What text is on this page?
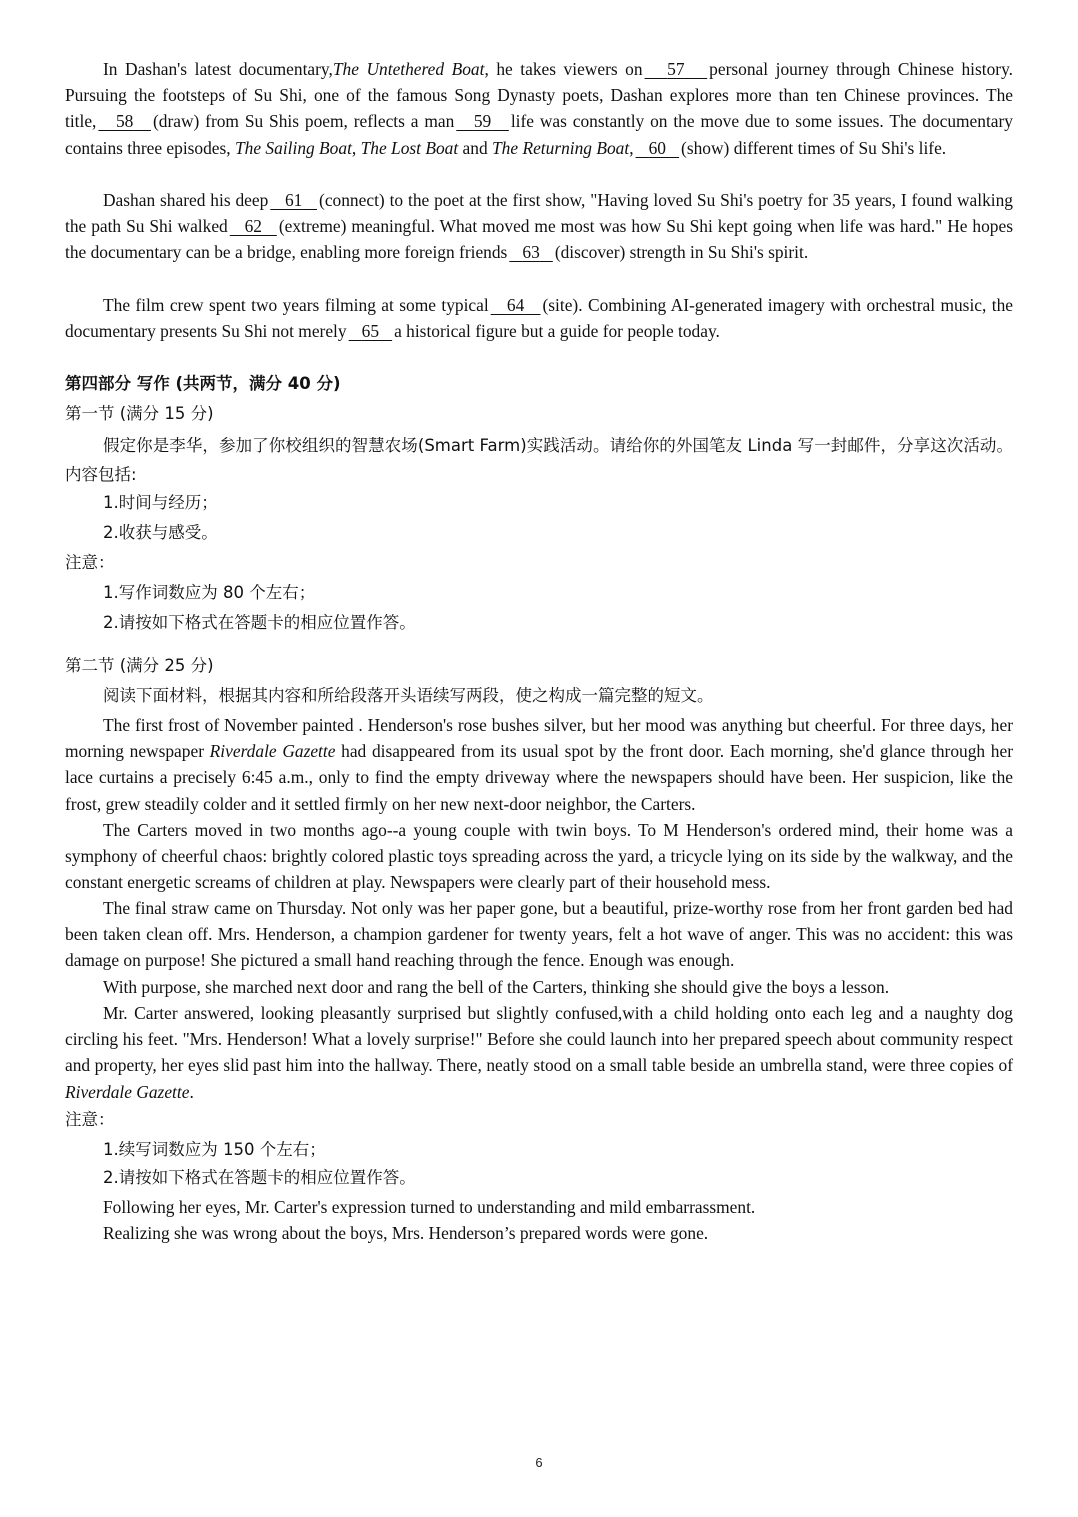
In Dashan's latest documentary,The Untethered Boat, he takes viewers on 57 personal journey through Chinese history. Pursuing the footsteps of Su Shi, one of the famous Song Dynasty poets, Dashan explores more than ten Chinese provinces. The title, 58 (draw) from Su Shis poem, reflects a man 59 life was constantly on the move due to some issues. The documentary contains three episodes, The Sailing Boat, The Lost Boat and The Returning Boat, 60 (show) different times of Su Shi's life.

Dashan shared his deep 61 (connect) to the poet at the first show, "Having loved Su Shi's poetry for 35 years, I found walking the path Su Shi walked 62 (extreme) meaningful. What moved me most was how Su Shi kept going when life was hard." He hopes the documentary can be a bridge, enabling more foreign friends 63 (discover) strength in Su Shi's spirit.

The film crew spent two years filming at some typical 64 (site). Combining AI-generated imagery with orchestral music, the documentary presents Su Shi not merely 65 a historical figure but a guide for people today.

第四部分 写作 (共两节，满分 40 分)
第一节 (满分 15 分)

假定你是李华，参加了你校组织的智慧农场(Smart Farm)实践活动。请给你的外国笔友 Linda 写一封邮件，分享这次活动。内容包括:

1.时间与经历；
2.收获与感受。
注意：
1.写作词数应为 80 个左右；
2.请按如下格式在答题卡的相应位置作答。
第二节 (满分 25 分)
阅读下面材料，根据其内容和所给段落开头语续写两段，使之构成一篇完整的短文。

The first frost of November painted . Henderson's rose bushes silver, but her mood was anything but cheerful. For three days, her morning newspaper Riverdale Gazette had disappeared from its usual spot by the front door. Each morning, she'd glance through her lace curtains a precisely 6:45 a.m., only to find the empty driveway where the newspapers should have been. Her suspicion, like the frost, grew steadily colder and it settled firmly on her new next-door neighbor, the Carters.

The Carters moved in two months ago--a young couple with twin boys. To M Henderson's ordered mind, their home was a symphony of cheerful chaos: brightly colored plastic toys spreading across the yard, a tricycle lying on its side by the walkway, and the constant energetic screams of children at play. Newspapers were clearly part of their household mess.

The final straw came on Thursday. Not only was her paper gone, but a beautiful, prize-worthy rose from her front garden bed had been taken clean off. Mrs. Henderson, a champion gardener for twenty years, felt a hot wave of anger. This was no accident: this was damage on purpose! She pictured a small hand reaching through the fence. Enough was enough.

With purpose, she marched next door and rang the bell of the Carters, thinking she should give the boys a lesson.

Mr. Carter answered, looking pleasantly surprised but slightly confused,with a child holding onto each leg and a naughty dog circling his feet. "Mrs. Henderson! What a lovely surprise!" Before she could launch into her prepared speech about community respect and property, her eyes slid past him into the hallway. There, neatly stood on a small table beside an umbrella stand, were three copies of Riverdale Gazette.

注意：
1.续写词数应为 150 个左右；
2.请按如下格式在答题卡的相应位置作答。
Following her eyes, Mr. Carter's expression turned to understanding and mild embarrassment.
Realizing she was wrong about the boys, Mrs. Henderson’s prepared words were gone.
6
